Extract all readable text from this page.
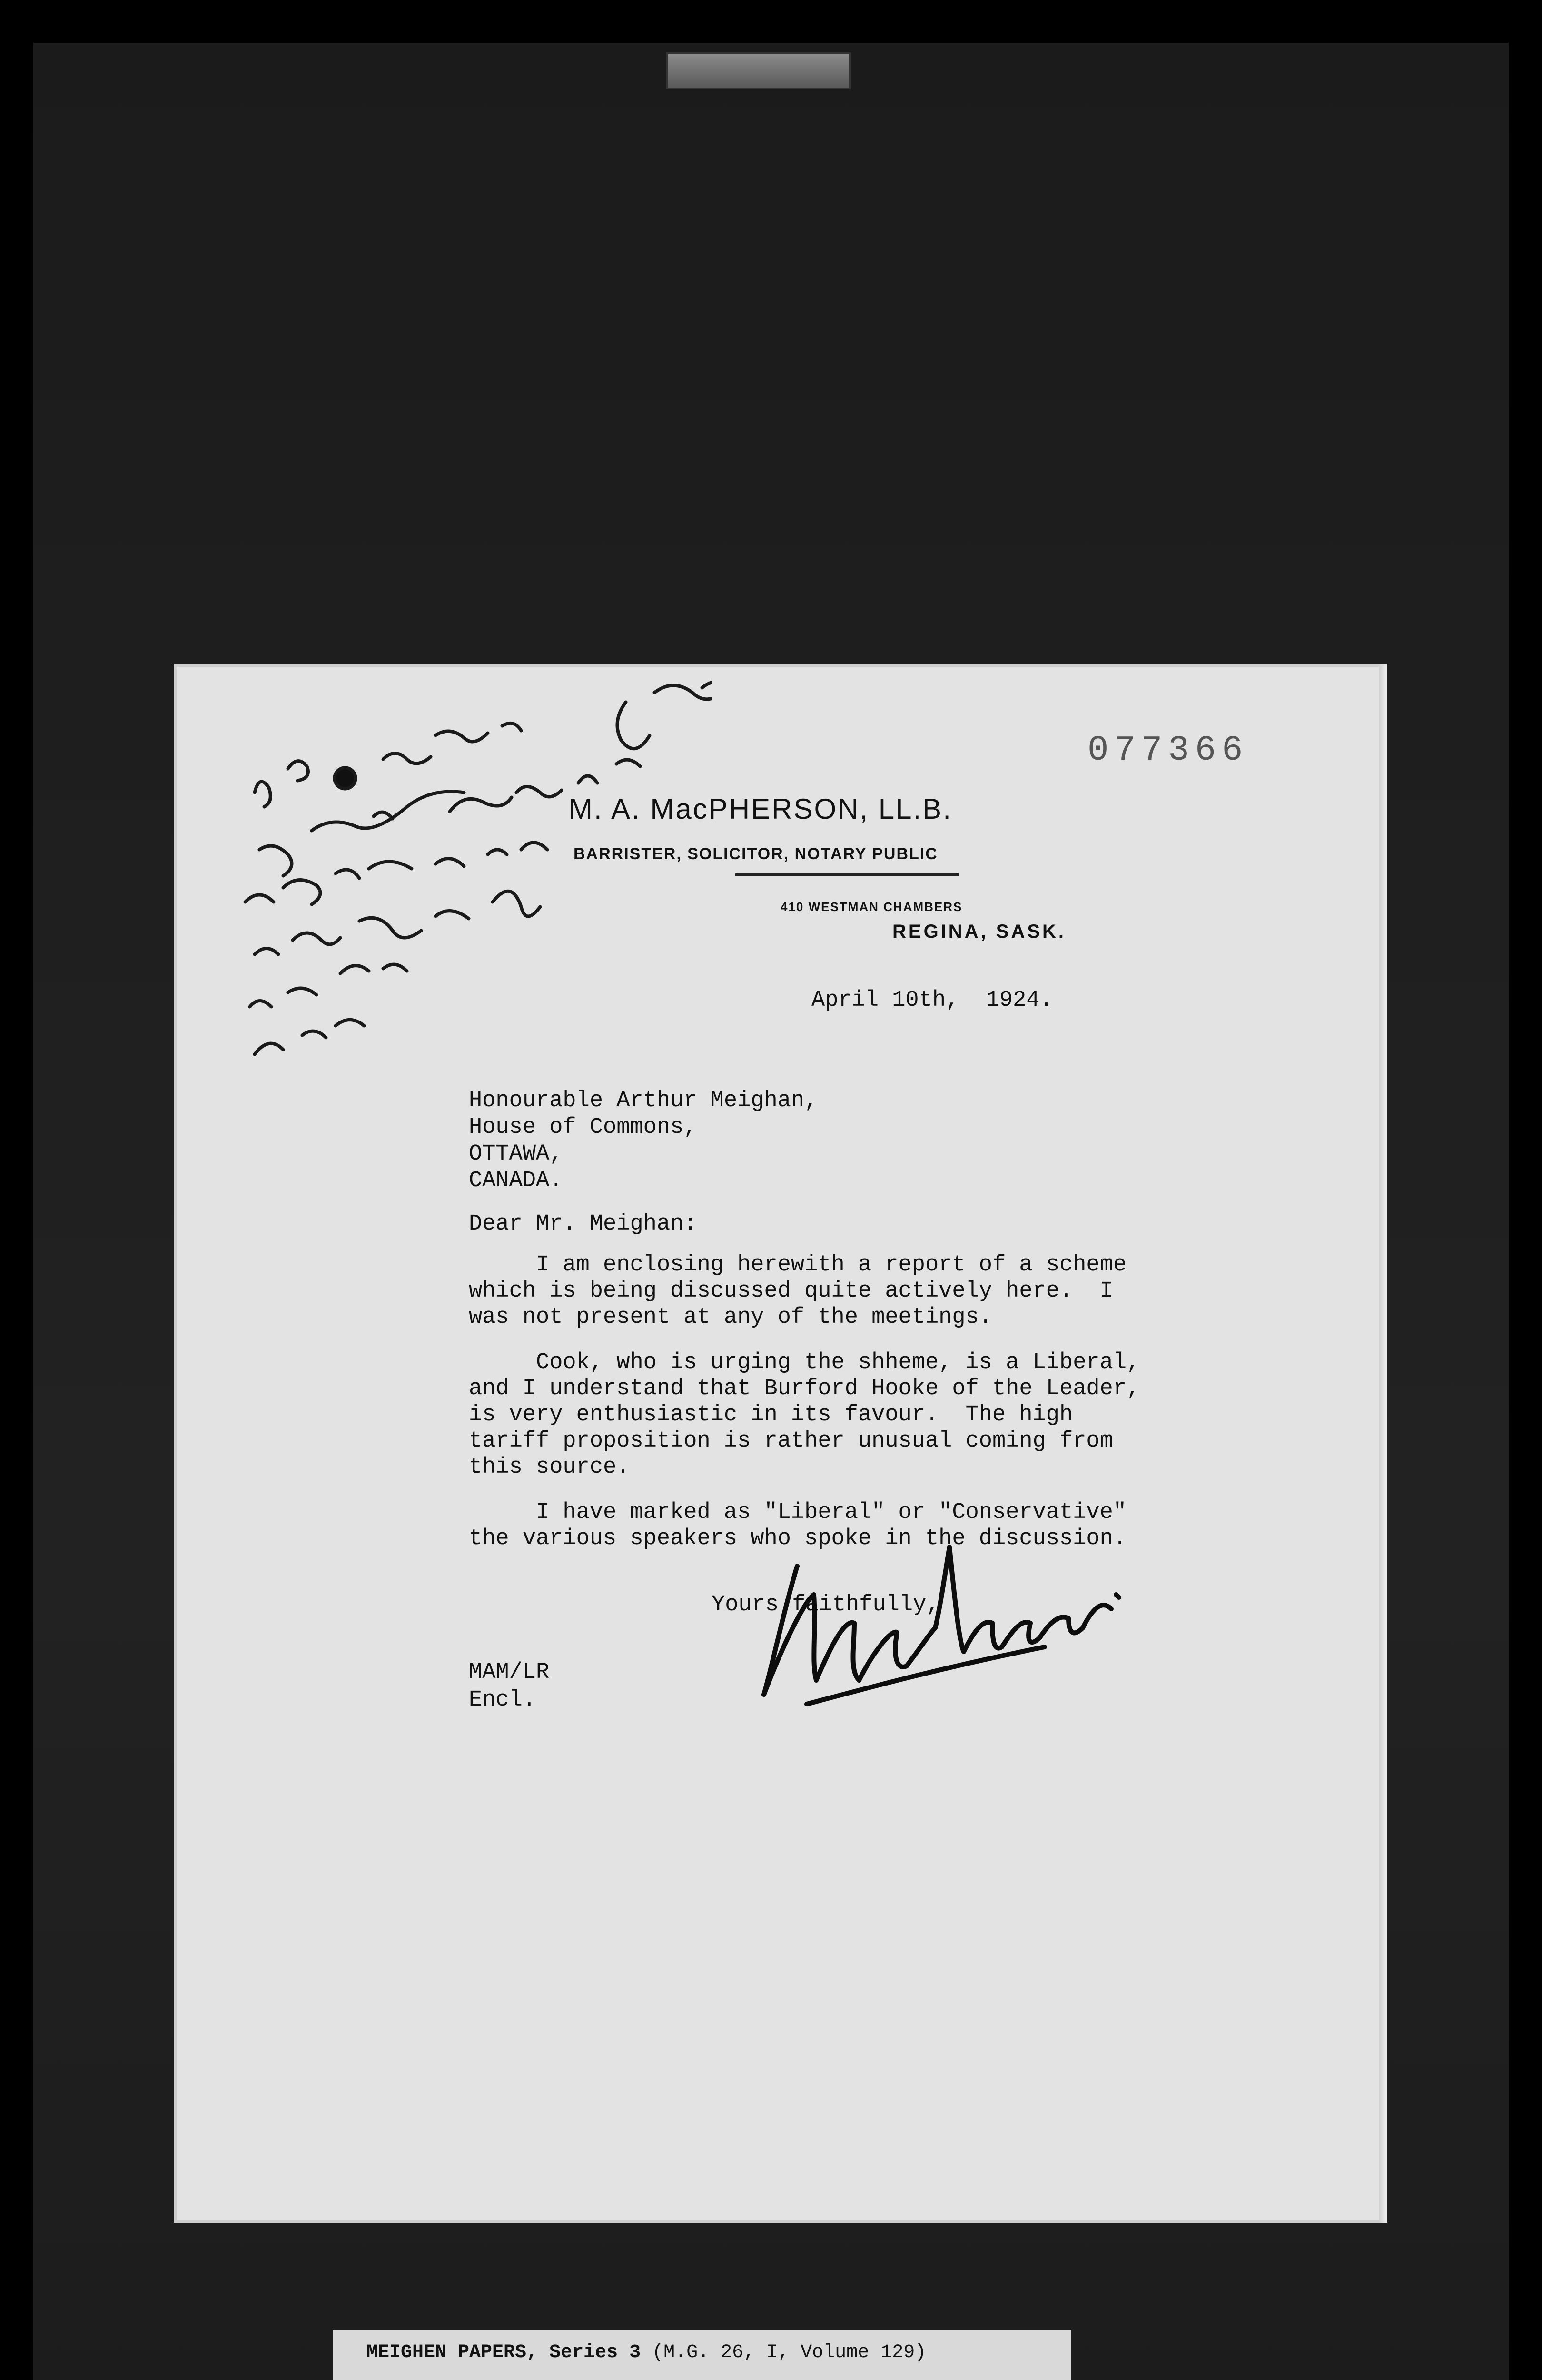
077366
M. A. MacPHERSON, LL.B.
BARRISTER, SOLICITOR, NOTARY PUBLIC
410 WESTMAN CHAMBERS
REGINA, SASK.
April 10th,  1924.
Honourable Arthur Meighan,
House of Commons,
OTTAWA,
CANADA.
Dear Mr. Meighan:
I am enclosing herewith a report of a scheme
which is being discussed quite actively here.  I
was not present at any of the meetings.
Cook, who is urging the shheme, is a Liberal,
and I understand that Burford Hooke of the Leader,
is very enthusiastic in its favour.  The high
tariff proposition is rather unusual coming from
this source.
I have marked as "Liberal" or "Conservative"
the various speakers who spoke in the discussion.
Yours faithfully,
MAM/LR
Encl.
MEIGHEN PAPERS, Series 3 (M.G. 26, I, Volume 129)
